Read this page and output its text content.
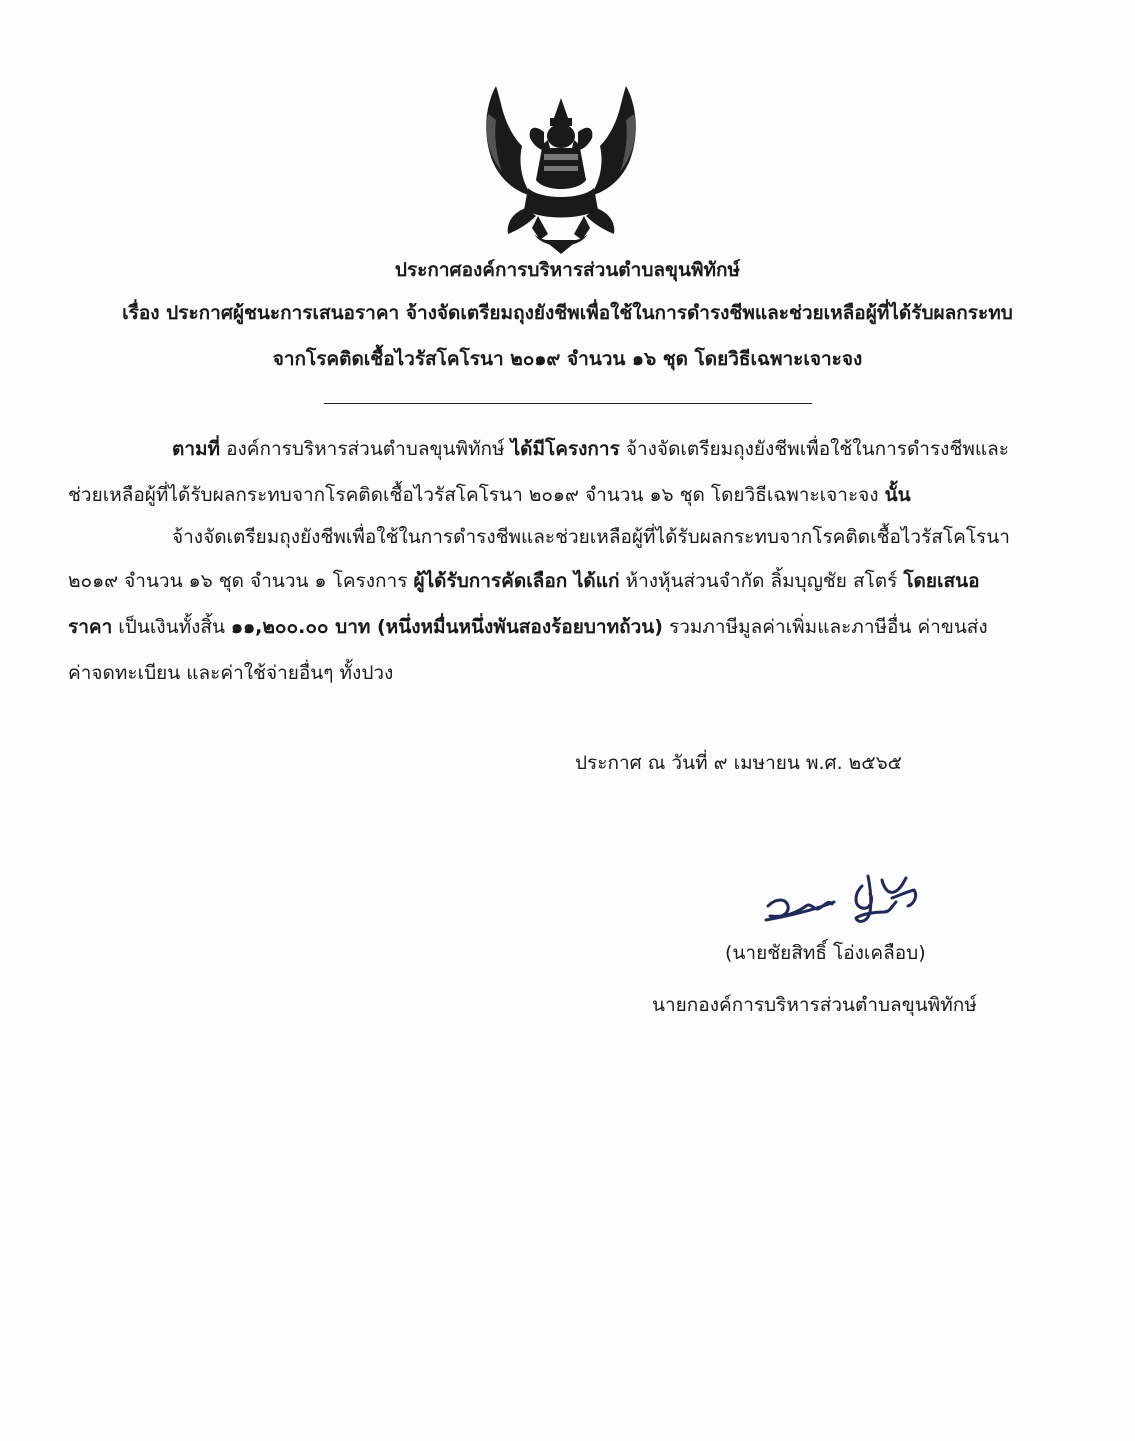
ประกาศองค์การบริหารส่วนตำบลขุนพิทักษ์
เรื่อง ประกาศผู้ชนะการเสนอราคา จ้างจัดเตรียมถุงยังชีพเพื่อใช้ในการดำรงชีพและช่วยเหลือผู้ที่ได้รับผลกระทบ
จากโรคติดเชื้อไวรัสโคโรนา ๒๐๑๙ จำนวน ๑๖ ชุด โดยวิธีเฉพาะเจาะจง
ตามที่ องค์การบริหารส่วนตำบลขุนพิทักษ์ ได้มีโครงการ จ้างจัดเตรียมถุงยังชีพเพื่อใช้ในการดำรงชีพและ
ช่วยเหลือผู้ที่ได้รับผลกระทบจากโรคติดเชื้อไวรัสโคโรนา ๒๐๑๙ จำนวน ๑๖ ชุด โดยวิธีเฉพาะเจาะจง นั้น
จ้างจัดเตรียมถุงยังชีพเพื่อใช้ในการดำรงชีพและช่วยเหลือผู้ที่ได้รับผลกระทบจากโรคติดเชื้อไวรัสโคโรนา
๒๐๑๙ จำนวน ๑๖ ชุด จำนวน ๑ โครงการ ผู้ได้รับการคัดเลือก ได้แก่ ห้างหุ้นส่วนจำกัด ลิ้มบุญชัย สโตร์ โดยเสนอ
ราคา เป็นเงินทั้งสิ้น ๑๑,๒๐๐.๐๐ บาท (หนึ่งหมื่นหนึ่งพันสองร้อยบาทถ้วน) รวมภาษีมูลค่าเพิ่มและภาษีอื่น ค่าขนส่ง
ค่าจดทะเบียน และค่าใช้จ่ายอื่นๆ ทั้งปวง
ประกาศ ณ วันที่ ๙ เมษายน พ.ศ. ๒๕๖๕
(นายชัยสิทธิ์ โอ่งเคลือบ)
นายกองค์การบริหารส่วนตำบลขุนพิทักษ์
